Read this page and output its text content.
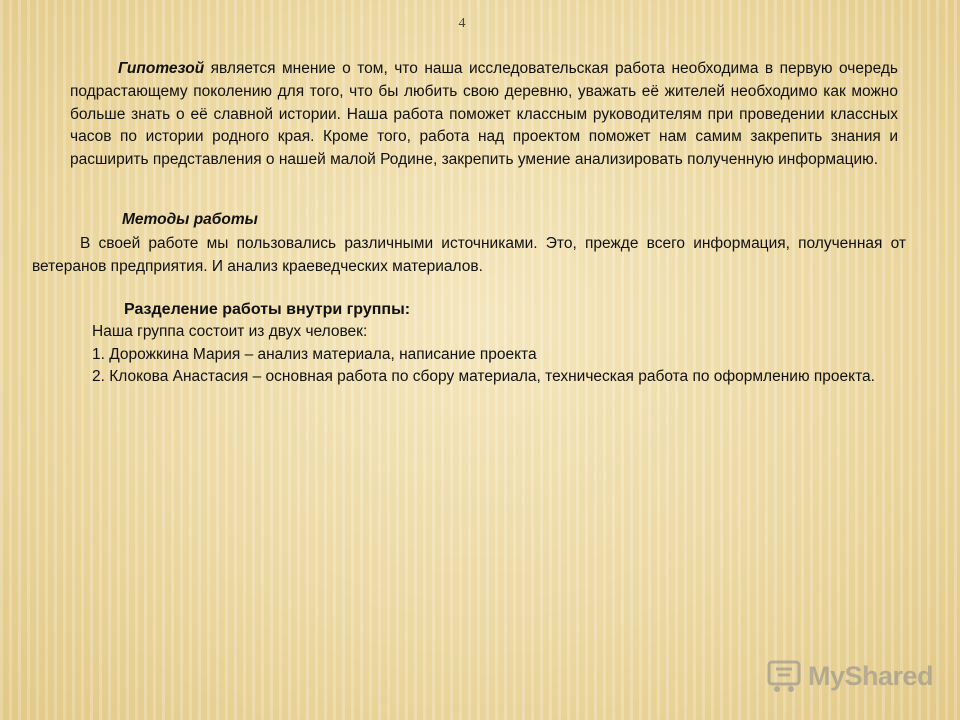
4

Гипотезой является мнение о том, что наша исследовательская работа необходима в первую очередь подрастающему поколению для того, что бы любить свою деревню, уважать её жителей необходимо как можно больше знать о её славной истории. Наша работа поможет классным руководителям при проведении классных часов по истории родного края. Кроме того, работа над проектом поможет нам самим закрепить знания и расширить представления о нашей малой Родине, закрепить умение анализировать полученную информацию.

Методы работы

В своей работе мы пользовались различными источниками. Это, прежде всего информация, полученная от ветеранов предприятия. И анализ краеведческих материалов.

Разделение работы внутри группы:

Наша группа состоит из двух человек:

1. Дорожкина Мария – анализ материала, написание проекта

2. Клокова Анастасия – основная работа по сбору материала, техническая работа по оформлению проекта.

MyShared
